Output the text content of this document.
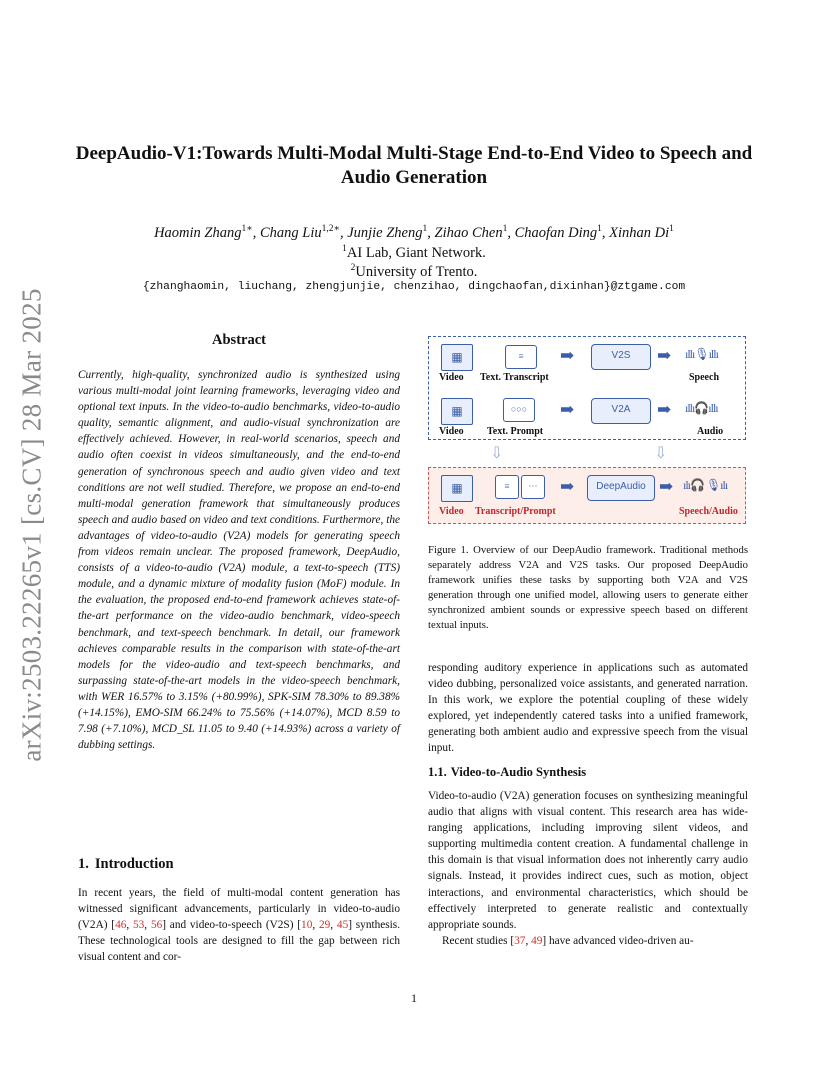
arXiv:2503.22265v1 [cs.CV] 28 Mar 2025
DeepAudio-V1:Towards Multi-Modal Multi-Stage End-to-End Video to Speech and Audio Generation
Haomin Zhang$^{1∗}$, Chang Liu$^{1,2∗}$, Junjie Zheng$^1$, Zihao Chen$^1$, Chaofan Ding$^1$, Xinhan Di$^1$
$^1$AI Lab, Giant Network.
$^2$University of Trento.
{zhanghaomin, liuchang, zhengjunjie, chenzihao, dingchaofan,dixinhan}@ztgame.com
Abstract
Currently, high-quality, synchronized audio is synthesized using various multi-modal joint learning frameworks, leveraging video and optional text inputs. In the video-to-audio benchmarks, video-to-audio quality, semantic alignment, and audio-visual synchronization are effectively achieved. However, in real-world scenarios, speech and audio often coexist in videos simultaneously, and the end-to-end generation of synchronous speech and audio given video and text conditions are not well studied. Therefore, we propose an end-to-end multi-modal generation framework that simultaneously produces speech and audio based on video and text conditions. Furthermore, the advantages of video-to-audio (V2A) models for generating speech from videos remain unclear. The proposed framework, DeepAudio, consists of a video-to-audio (V2A) module, a text-to-speech (TTS) module, and a dynamic mixture of modality fusion (MoF) module. In the evaluation, the proposed end-to-end framework achieves state-of-the-art performance on the video-audio benchmark, video-speech benchmark, and text-speech benchmark. In detail, our framework achieves comparable results in the comparison with state-of-the-art models for the video-audio and text-speech benchmarks, and surpassing state-of-the-art models in the video-speech benchmark, with WER 16.57% to 3.15% (+80.99%), SPK-SIM 78.30% to 89.38% (+14.15%), EMO-SIM 66.24% to 75.56% (+14.07%), MCD 8.59 to 7.98 (+7.10%), MCD_SL 11.05 to 9.40 (+14.93%) across a variety of dubbing settings.
1. Introduction
In recent years, the field of multi-modal content generation has witnessed significant advancements, particularly in video-to-audio (V2A) [46, 53, 56] and video-to-speech (V2S) [10, 29, 45] synthesis. These technological tools are designed to fill the gap between rich visual content and cor-
▦	≡	➡	V2S	➡ ıllı🎙ıllı
Video Text. Transcript	Speech
▦	○○○	➡	V2A	➡ ıllı🎧ıllı
Video Text. Prompt	Audio
⇩	⇩
▦	≡	···	➡	DeepAudio ➡ ılı🎧 🎙ılı
Video Transcript/Prompt	Speech/Audio
Figure 1. Overview of our DeepAudio framework. Traditional methods separately address V2A and V2S tasks. Our proposed DeepAudio framework unifies these tasks by supporting both V2A and V2S generation through one unified model, allowing users to generate either synchronized ambient sounds or expressive speech based on different textual inputs.
responding auditory experience in applications such as automated video dubbing, personalized voice assistants, and generated narration. In this work, we explore the potential coupling of these widely explored, yet independently catered tasks into a unified framework, generating both ambient audio and expressive speech from the visual input.
1.1. Video-to-Audio Synthesis
Video-to-audio (V2A) generation focuses on synthesizing meaningful audio that aligns with visual content. This research area has wide-ranging applications, including improving silent videos, and supporting multimedia content creation. A fundamental challenge in this domain is that visual information does not inherently carry audio signals. Instead, it provides indirect cues, such as motion, object interactions, and environmental characteristics, which should be effectively interpreted to generate realistic and contextually appropriate sounds.
Recent studies [37, 49] have advanced video-driven au-
1
